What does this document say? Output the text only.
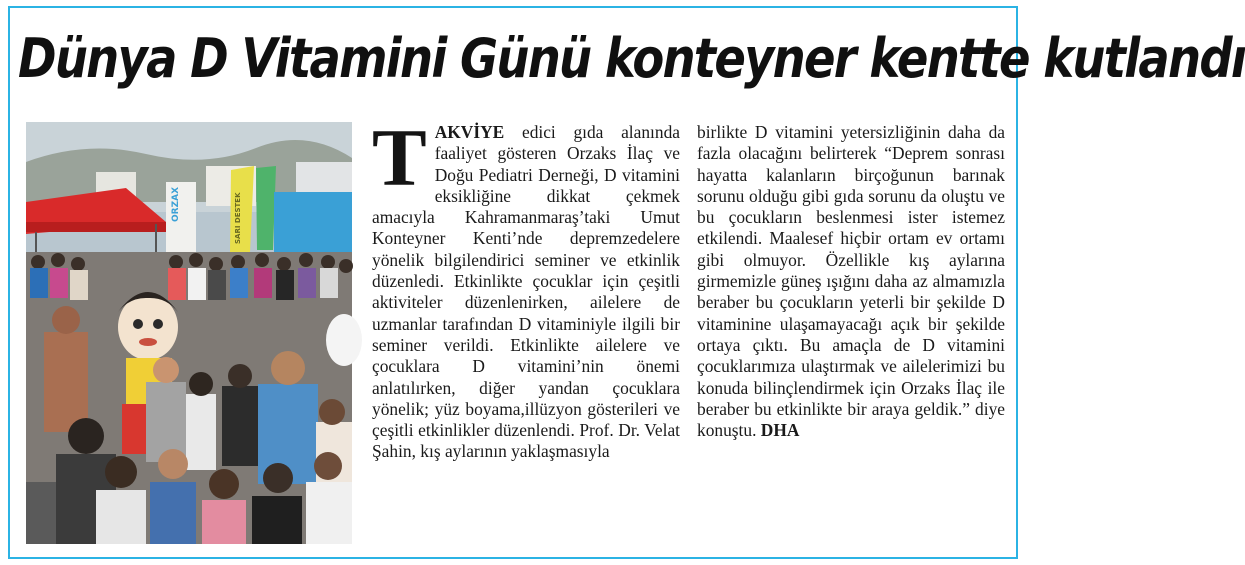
Dünya D Vitamini Günü konteyner kentte kutlandı
ORZAX	SARI DESTEK

TAKVİYE edici gıda alanında faaliyet gösteren Orzaks İlaç ve Doğu Pediatri Derneği, D vitamini eksikliğine dikkat çekmek amacıyla Kahramanmaraş’taki Umut Konteyner Kenti’nde depremzedelere yönelik bilgilendirici seminer ve etkinlik düzenledi. Etkinlikte çocuklar için çeşitli aktiviteler düzenlenirken, ailelere de uzmanlar tarafından D vitaminiyle ilgili bir seminer verildi. Etkinlikte ailelere ve çocuklara D vitamini’nin önemi anlatılırken, diğer yandan çocuklara yönelik; yüz boyama,illüzyon gösterileri ve çeşitli etkinlikler düzenlendi. Prof. Dr. Velat Şahin, kış aylarının yaklaşmasıyla

birlikte D vitamini yetersizliğinin daha da fazla olacağını belirterek “Deprem sonrası hayatta kalanların birçoğunun barınak sorunu olduğu gibi gıda sorunu da oluştu ve bu çocukların beslenmesi ister istemez etkilendi. Maalesef hiçbir ortam ev ortamı gibi olmuyor. Özellikle kış aylarına girmemizle güneş ışığını daha az almamızla beraber bu çocukların yeterli bir şekilde D vitaminine ulaşamayacağı açık bir şekilde ortaya çıktı. Bu amaçla de D vitamini çocuklarımıza ulaştırmak ve ailelerimizi bu konuda bilinçlendirmek için Orzaks İlaç ile beraber bu etkinlikte bir araya geldik.” diye konuştu. DHA
